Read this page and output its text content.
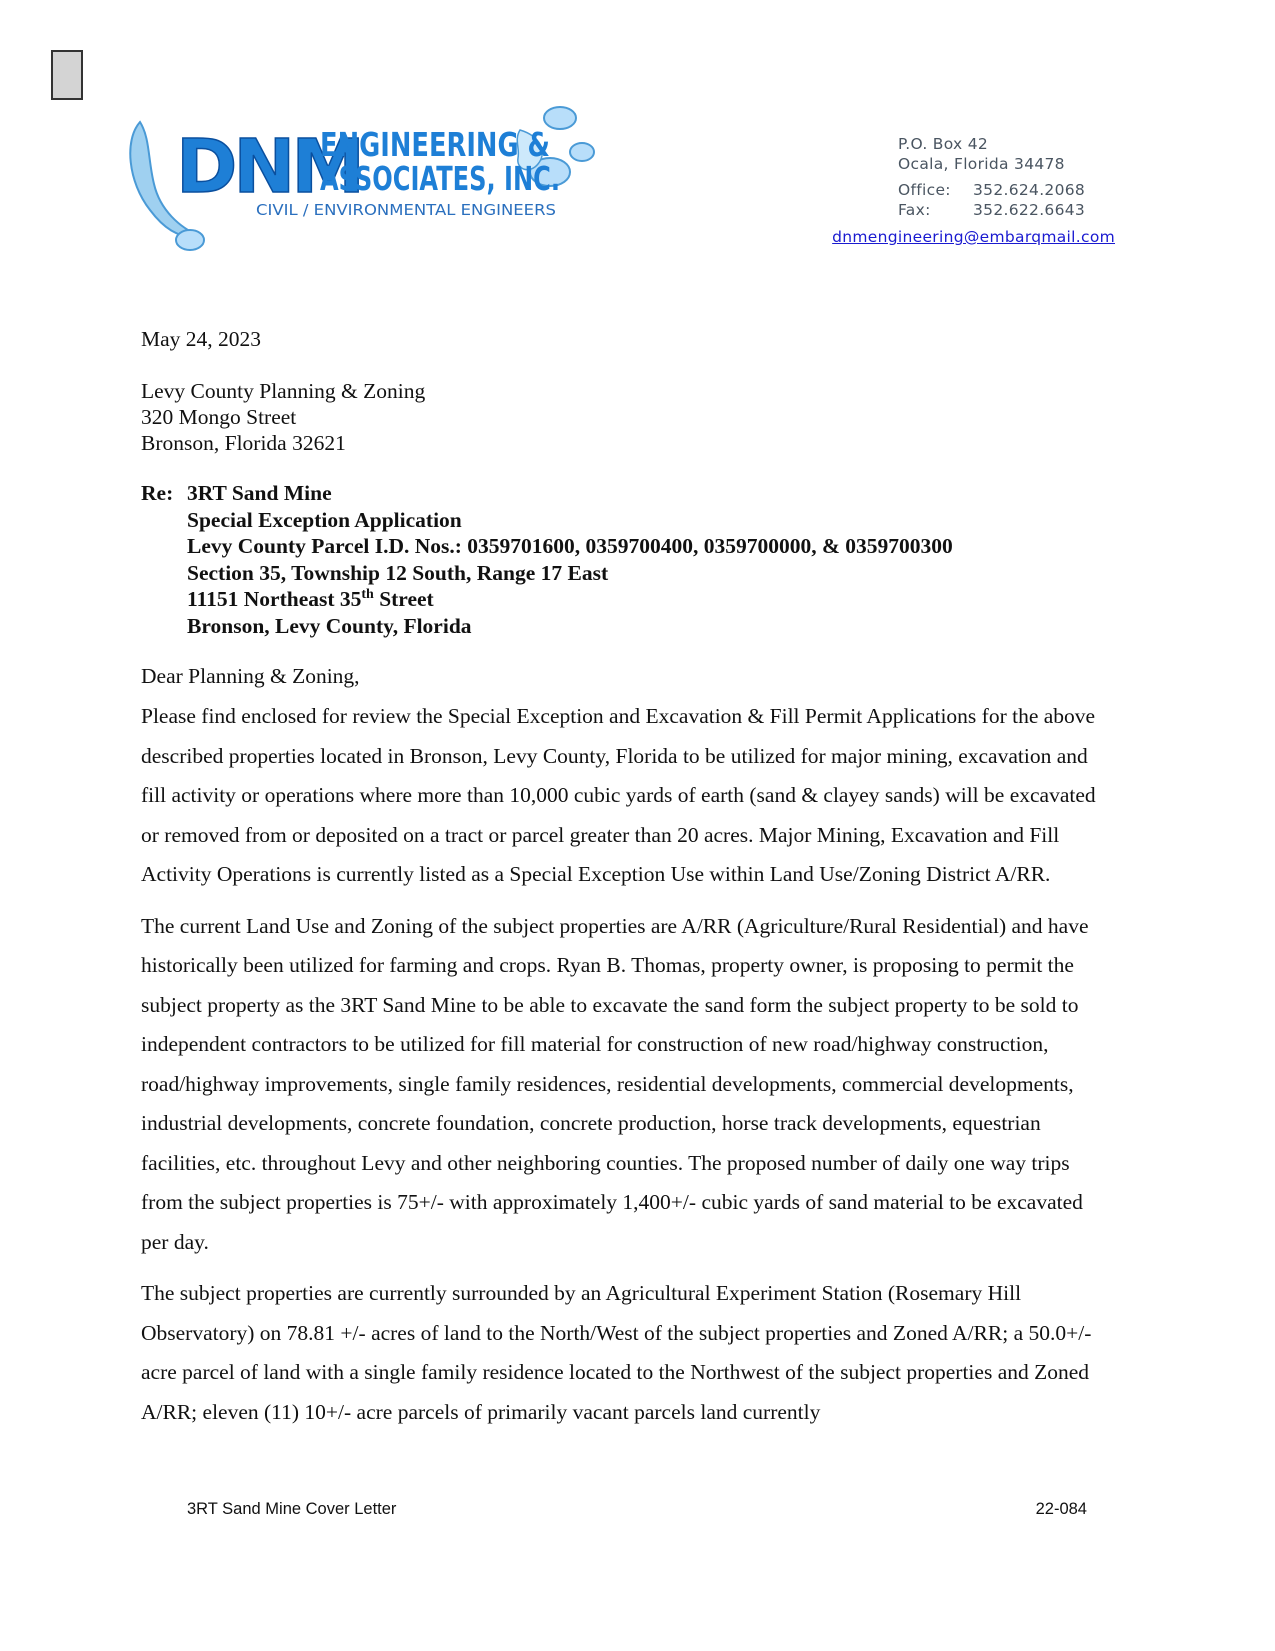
DNM
ENGINEERING &
ASSOCIATES, INC.
CIVIL / ENVIRONMENTAL ENGINEERS
P.O. Box 42
Ocala, Florida 34478
Office:	352.624.2068
Fax:	352.622.6643
dnmengineering@embarqmail.com
May 24, 2023
Levy County Planning & Zoning
320 Mongo Street
Bronson, Florida 32621
Re: 3RT Sand Mine
Special Exception Application
Levy County Parcel I.D. Nos.: 0359701600, 0359700400, 0359700000, & 0359700300
Section 35, Township 12 South, Range 17 East
11151 Northeast 35th Street
Bronson, Levy County, Florida
Dear Planning & Zoning,

Please find enclosed for review the Special Exception and Excavation & Fill Permit Applications for the above described properties located in Bronson, Levy County, Florida to be utilized for major mining, excavation and fill activity or operations where more than 10,000 cubic yards of earth (sand & clayey sands) will be excavated or removed from or deposited on a tract or parcel greater than 20 acres. Major Mining, Excavation and Fill Activity Operations is currently listed as a Special Exception Use within Land Use/Zoning District A/RR.

The current Land Use and Zoning of the subject properties are A/RR (Agriculture/Rural Residential) and have historically been utilized for farming and crops. Ryan B. Thomas, property owner, is proposing to permit the subject property as the 3RT Sand Mine to be able to excavate the sand form the subject property to be sold to independent contractors to be utilized for fill material for construction of new road/highway construction, road/highway improvements, single family residences, residential developments, commercial developments, industrial developments, concrete foundation, concrete production, horse track developments, equestrian facilities, etc. throughout Levy and other neighboring counties. The proposed number of daily one way trips from the subject properties is 75+/- with approximately 1,400+/- cubic yards of sand material to be excavated per day.

The subject properties are currently surrounded by an Agricultural Experiment Station (Rosemary Hill Observatory) on 78.81 +/- acres of land to the North/West of the subject properties and Zoned A/RR; a 50.0+/- acre parcel of land with a single family residence located to the Northwest of the subject properties and Zoned A/RR; eleven (11) 10+/- acre parcels of primarily vacant parcels land currently

3RT Sand Mine Cover Letter	22-084
